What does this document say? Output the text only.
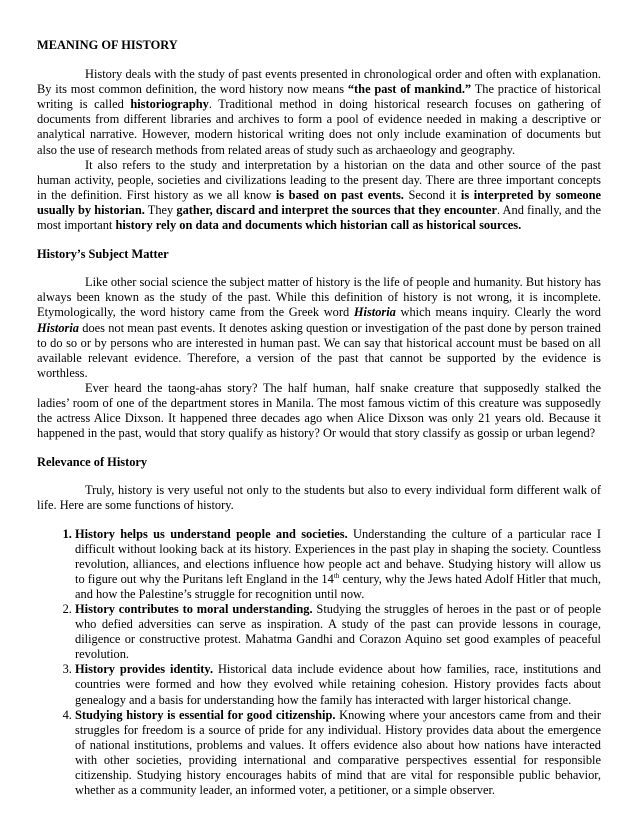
MEANING OF HISTORY

History deals with the study of past events presented in chronological order and often with explanation. By its most common definition, the word history now means “the past of mankind.” The practice of historical writing is called historiography. Traditional method in doing historical research focuses on gathering of documents from different libraries and archives to form a pool of evidence needed in making a descriptive or analytical narrative. However, modern historical writing does not only include examination of documents but also the use of research methods from related areas of study such as archaeology and geography.

It also refers to the study and interpretation by a historian on the data and other source of the past human activity, people, societies and civilizations leading to the present day. There are three important concepts in the definition. First history as we all know is based on past events. Second it is interpreted by someone usually by historian. They gather, discard and interpret the sources that they encounter. And finally, and the most important history rely on data and documents which historian call as historical sources.

History’s Subject Matter

Like other social science the subject matter of history is the life of people and humanity. But history has always been known as the study of the past. While this definition of history is not wrong, it is incomplete. Etymologically, the word history came from the Greek word Historia which means inquiry. Clearly the word Historia does not mean past events. It denotes asking question or investigation of the past done by person trained to do so or by persons who are interested in human past. We can say that historical account must be based on all available relevant evidence. Therefore, a version of the past that cannot be supported by the evidence is worthless.

Ever heard the taong-ahas story? The half human, half snake creature that supposedly stalked the ladies’ room of one of the department stores in Manila. The most famous victim of this creature was supposedly the actress Alice Dixson. It happened three decades ago when Alice Dixson was only 21 years old. Because it happened in the past, would that story qualify as history? Or would that story classify as gossip or urban legend?

Relevance of History

Truly, history is very useful not only to the students but also to every individual form different walk of life. Here are some functions of history.

1. History helps us understand people and societies. Understanding the culture of a particular race I difficult without looking back at its history. Experiences in the past play in shaping the society. Countless revolution, alliances, and elections influence how people act and behave. Studying history will allow us to figure out why the Puritans left England in the 14th century, why the Jews hated Adolf Hitler that much, and how the Palestine’s struggle for recognition until now.
2. History contributes to moral understanding. Studying the struggles of heroes in the past or of people who defied adversities can serve as inspiration. A study of the past can provide lessons in courage, diligence or constructive protest. Mahatma Gandhi and Corazon Aquino set good examples of peaceful revolution.
3. History provides identity. Historical data include evidence about how families, race, institutions and countries were formed and how they evolved while retaining cohesion. History provides facts about genealogy and a basis for understanding how the family has interacted with larger historical change.
4. Studying history is essential for good citizenship. Knowing where your ancestors came from and their struggles for freedom is a source of pride for any individual. History provides data about the emergence of national institutions, problems and values. It offers evidence also about how nations have interacted with other societies, providing international and comparative perspectives essential for responsible citizenship. Studying history encourages habits of mind that are vital for responsible public behavior, whether as a community leader, an informed voter, a petitioner, or a simple observer.
